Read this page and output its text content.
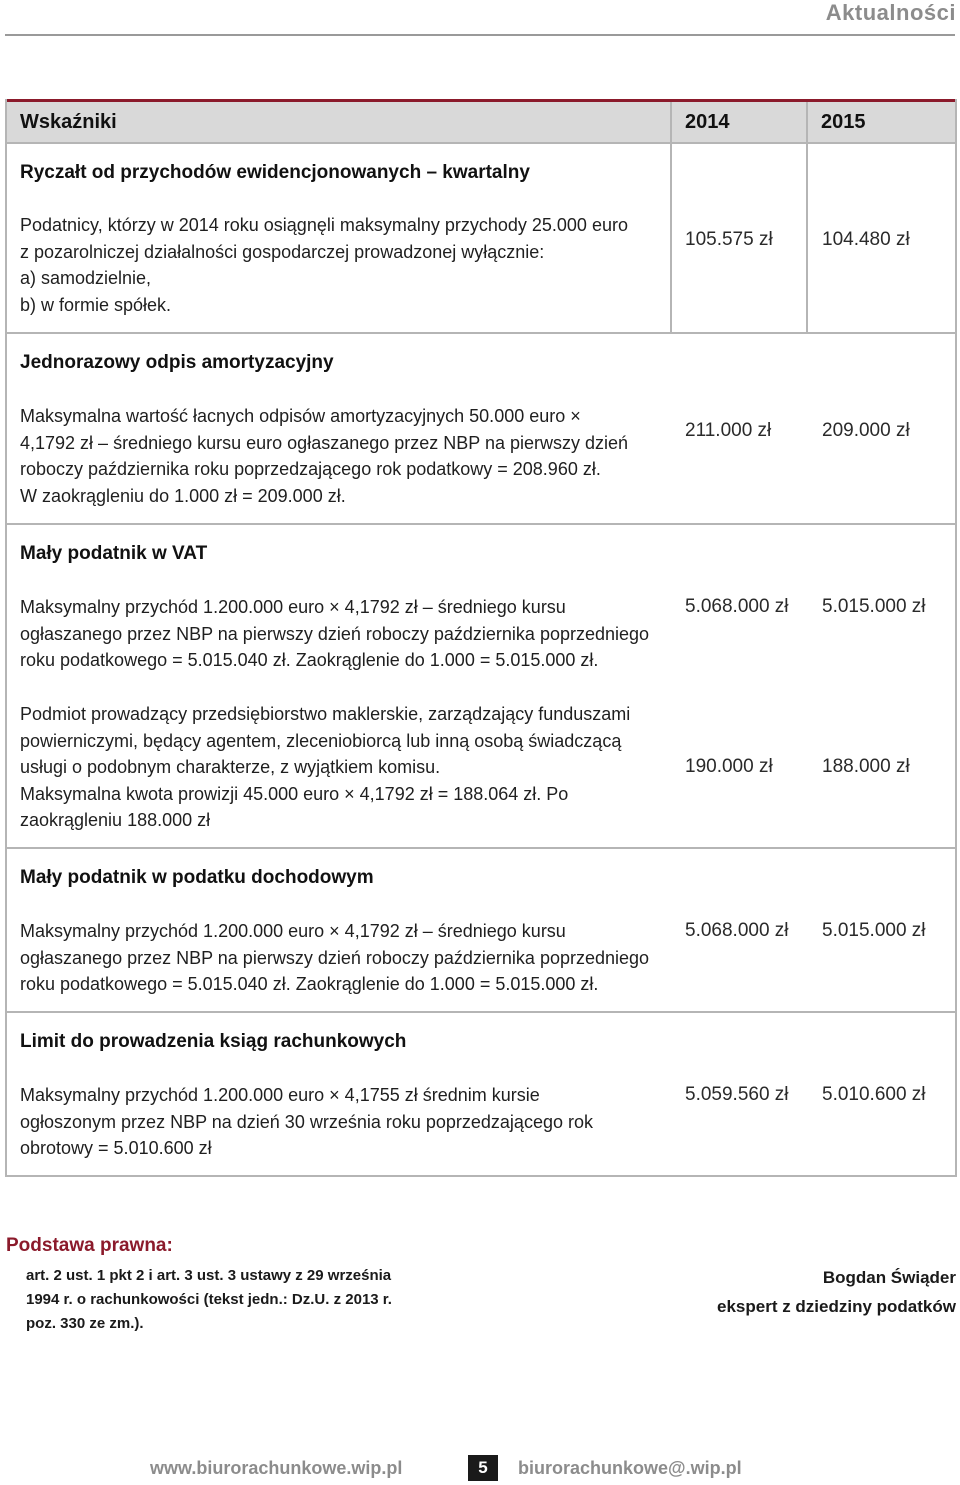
Aktualności
Wskaźniki	2014	2015
Ryczałt od przychodów ewidencjonowanych – kwartalny
Podatnicy, którzy w 2014 roku osiągnęli maksymalny przychody 25.000 euro
z pozarolniczej działalności gospodarczej prowadzonej wyłącznie:
a) samodzielnie,
b) w formie spółek.
105.575 zł	104.480 zł
Jednorazowy odpis amortyzacyjny
Maksymalna wartość łacnych odpisów amortyzacyjnych 50.000 euro ×
4,1792 zł – średniego kursu euro ogłaszanego przez NBP na pierwszy dzień
roboczy października roku poprzedzającego rok podatkowy = 208.960 zł.
W zaokrągleniu do 1.000 zł = 209.000 zł.
211.000 zł	209.000 zł
Mały podatnik w VAT
Maksymalny przychód 1.200.000 euro × 4,1792 zł – średniego kursu
ogłaszanego przez NBP na pierwszy dzień roboczy października poprzedniego
roku podatkowego = 5.015.040 zł. Zaokrąglenie do 1.000 = 5.015.000 zł.
5.068.000 zł 5.015.000 zł
Podmiot prowadzący przedsiębiorstwo maklerskie, zarządzający funduszami
powierniczymi, będący agentem, zleceniobiorcą lub inną osobą świadczącą
usługi o podobnym charakterze, z wyjątkiem komisu.
Maksymalna kwota prowizji 45.000 euro × 4,1792 zł = 188.064 zł. Po
zaokrągleniu 188.000 zł
190.000 zł	188.000 zł
Mały podatnik w podatku dochodowym
Maksymalny przychód 1.200.000 euro × 4,1792 zł – średniego kursu
ogłaszanego przez NBP na pierwszy dzień roboczy października poprzedniego
roku podatkowego = 5.015.040 zł. Zaokrąglenie do 1.000 = 5.015.000 zł.
5.068.000 zł 5.015.000 zł
Limit do prowadzenia ksiąg rachunkowych
Maksymalny przychód 1.200.000 euro × 4,1755 zł średnim kursie
ogłoszonym przez NBP na dzień 30 września roku poprzedzającego rok
obrotowy = 5.010.600 zł
5.059.560 zł 5.010.600 zł
Podstawa prawna:
art. 2 ust. 1 pkt 2 i art. 3 ust. 3 ustawy z 29 września
1994 r. o rachunkowości (tekst jedn.: Dz.U. z 2013 r.
poz. 330 ze zm.).
Bogdan Świąder
ekspert z dziedziny podatków
www.biurorachunkowe.wip.pl	5	biurorachunkowe@.wip.pl
